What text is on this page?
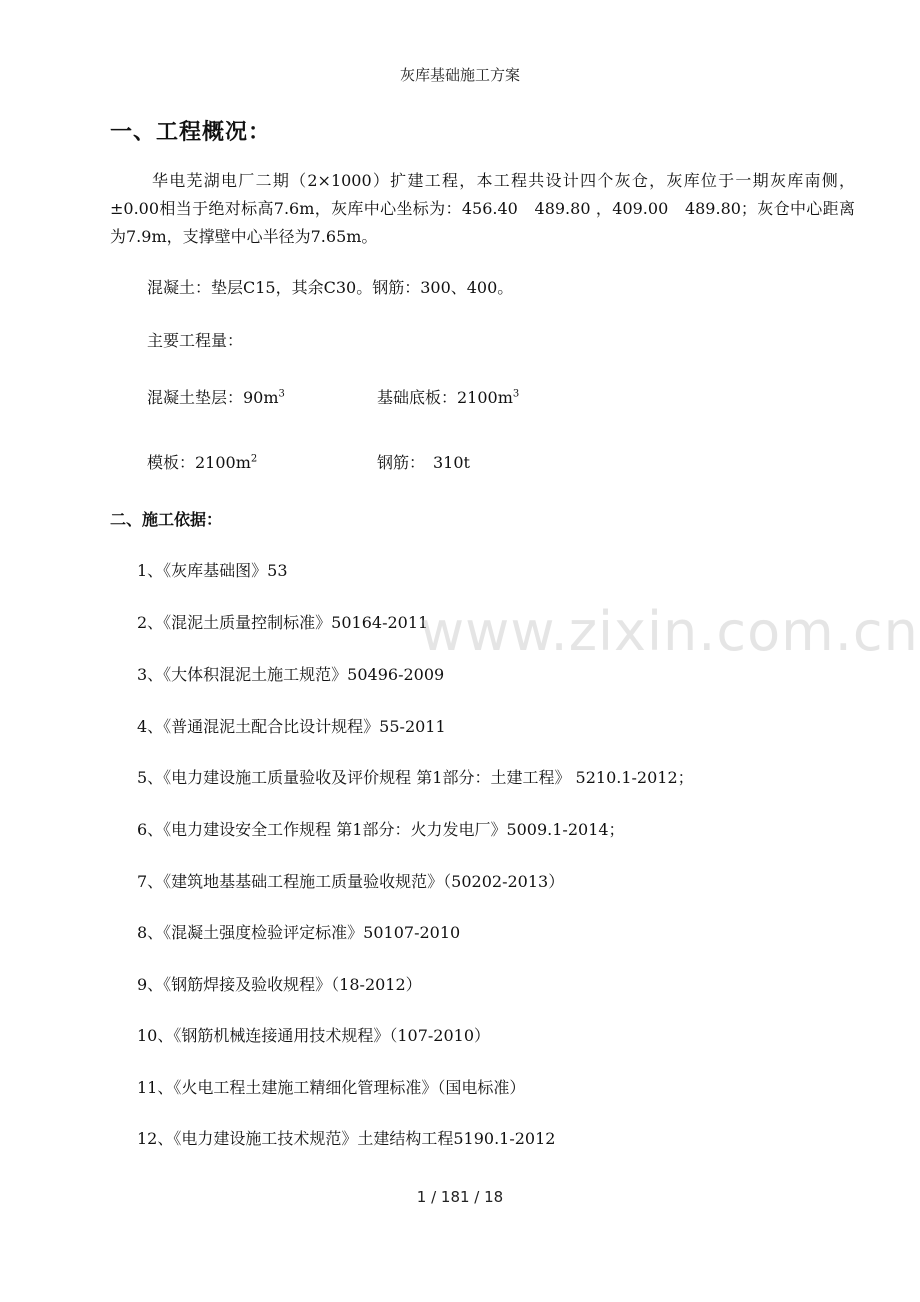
灰库基础施工方案
一、工程概况：
华电芜湖电厂二期（2×1000）扩建工程，本工程共设计四个灰仓，灰库位于一期灰库南侧，±0.00相当于绝对标高7.6m，灰库中心坐标为：456.40　489.80 ，409.00　489.80；灰仓中心距离为7.9m，支撑壁中心半径为7.65m。
混凝土：垫层C15，其余C30。钢筋：300、400。
主要工程量：
混凝土垫层：$90m^3$	基础底板：$2100m^3$
模板：$2100m^2$	钢筋：　310t
二、施工依据：
1、《灰库基础图》53
2、《混泥土质量控制标准》50164-2011
3、《大体积混泥土施工规范》50496-2009
4、《普通混泥土配合比设计规程》55-2011
5、《电力建设施工质量验收及评价规程 第1部分：土建工程》 5210.1-2012；
6、《电力建设安全工作规程 第1部分：火力发电厂》5009.1-2014；
7、《建筑地基基础工程施工质量验收规范》（50202-2013）
8、《混凝土强度检验评定标准》50107-2010
9、《钢筋焊接及验收规程》（18-2012）
10、《钢筋机械连接通用技术规程》（107-2010）
11、《火电工程土建施工精细化管理标准》（国电标准）
12、《电力建设施工技术规范》土建结构工程5190.1-2012
www.zixin.com.cn
1 / 181 / 18
